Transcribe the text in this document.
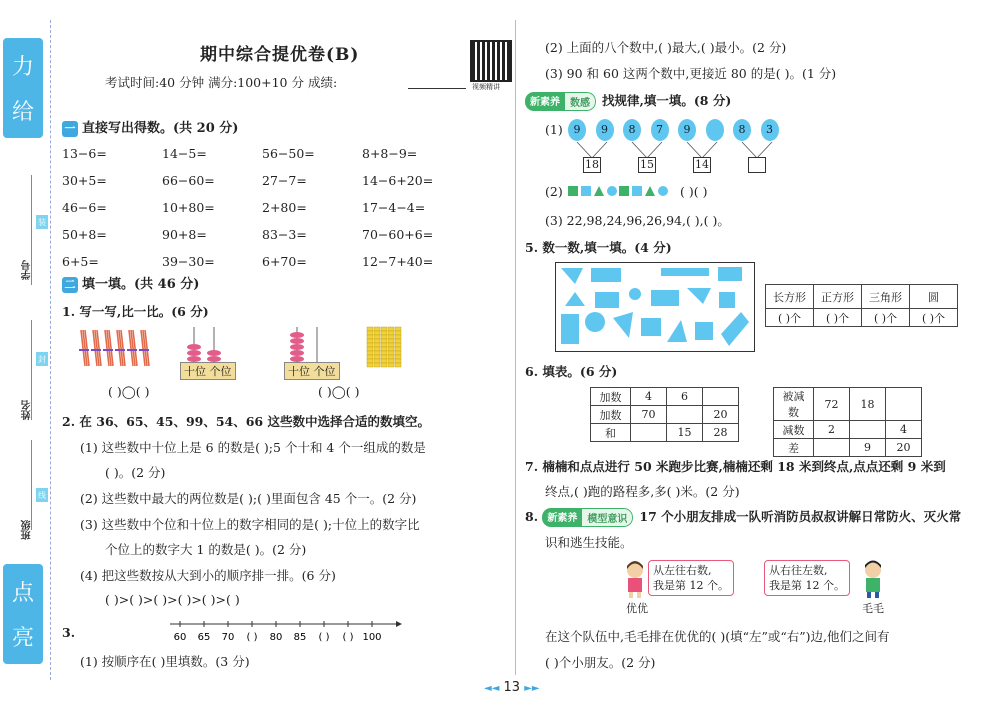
力
给
点
亮
学号
姓名
班级
装
封
线
期中综合提优卷(B)
考试时间:40 分钟 满分:100+10 分 成绩:	视频精讲
一 直接写出得数。(共 20 分)
13−6=	14−5=	56−50=	8+8−9=
30+5=	66−60=	27−7=	14−6+20=
46−6=	10+80=	2+80=	17−4−4=
50+8=	90+8=	83−3=	70−60+6=
6+5=	39−30=	6+70=	12−7+40=
二 填一填。(共 46 分)
1. 写一写,比一比。(6 分)
十位 个位	十位 个位
( )◯( )	( )◯( )
2. 在 36、65、45、99、54、66 这些数中选择合适的数填空。
(1) 这些数中十位上是 6 的数是( );5 个十和 4 个一组成的数是
( )。(2 分)
(2) 这些数中最大的两位数是( );( )里面包含 45 个一。(2 分)
(3) 这些数中个位和十位上的数字相同的是( );十位上的数字比
个位上的数字大 1 的数是( )。(2 分)
(4) 把这些数按从大到小的顺序排一排。(6 分)
( )>( )>( )>( )>( )>( )
3.	60 65 70 ( ) 80 85 ( ) ( ) 100
(1) 按顺序在( )里填数。(3 分)
(2) 上面的八个数中,( )最大,( )最小。(2 分)
(3) 90 和 60 这两个数中,更接近 80 的是( )。(1 分)
新素养	数感 找规律,填一填。(8 分)
(1) 9	9	8	7	9	8	3
18	15	14
(2)	( )( )
(3) 22,98,24,96,26,94,( ),( )。
5. 数一数,填一填。(4 分)
长方形	正方形	三角形	圆
( )个	( )个	( )个	( )个
6. 填表。(6 分)
加数	4	6	
加数	70		20
和		15	28
被减数	72	18	
减数	2		4
差		9	20
7. 楠楠和点点进行 50 米跑步比赛,楠楠还剩 18 米到终点,点点还剩 9 米到
终点,( )跑的路程多,多( )米。(2 分)
8. 新素养	模型意识 17 个小朋友排成一队听消防员叔叔讲解日常防火、灭火常
识和逃生技能。
从左往右数,
我是第 12 个。
优优
从右往左数,
我是第 12 个。
毛毛
在这个队伍中,毛毛排在优优的( )(填“左”或“右”)边,他们之间有
( )个小朋友。(2 分)
◄◄ 13 ►►
